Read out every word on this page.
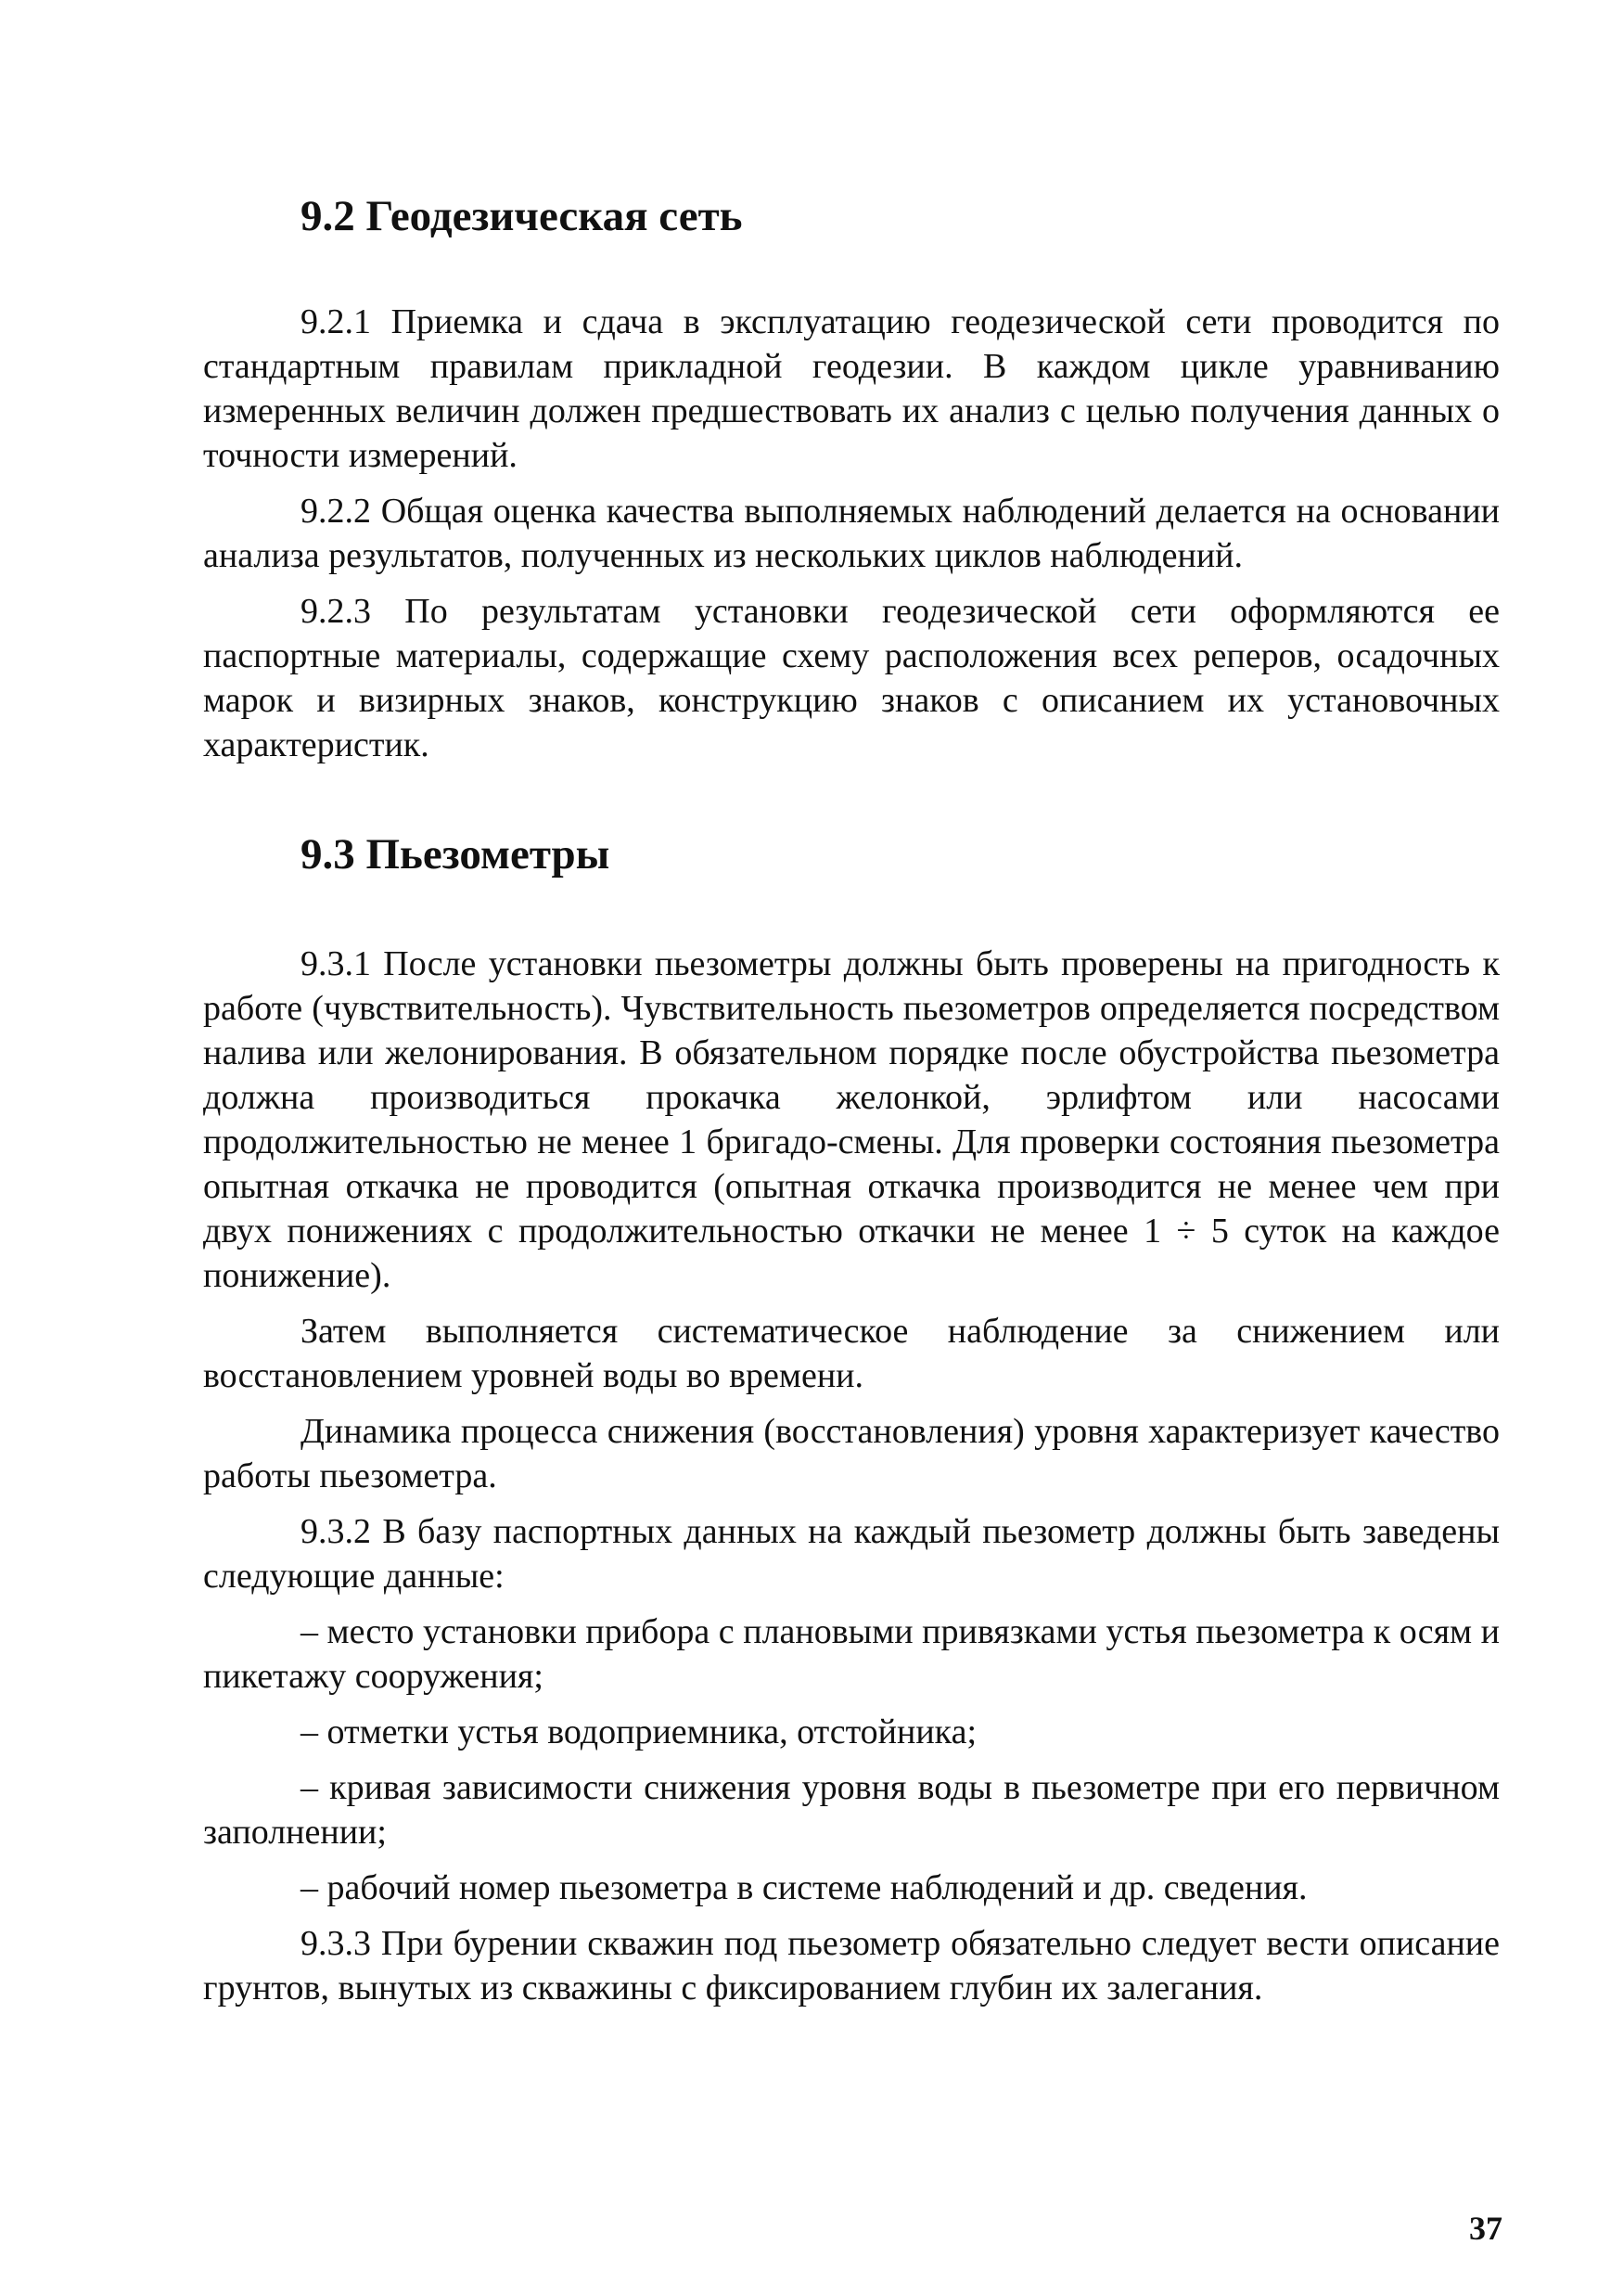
9.2 Геодезическая сеть

9.2.1 Приемка и сдача в эксплуатацию геодезической сети проводится по стандартным правилам прикладной геодезии. В каждом цикле уравниванию измеренных величин должен предшествовать их анализ с целью получения данных о точности измерений.

9.2.2 Общая оценка качества выполняемых наблюдений делается на основании анализа результатов, полученных из нескольких циклов наблюдений.

9.2.3 По результатам установки геодезической сети оформляются ее паспортные материалы, содержащие схему расположения всех реперов, осадочных марок и визирных знаков, конструкцию знаков с описанием их установочных характеристик.

9.3 Пьезометры

9.3.1 После установки пьезометры должны быть проверены на пригодность к работе (чувствительность). Чувствительность пьезометров определяется посредством налива или желонирования. В обязательном порядке после обустройства пьезометра должна производиться прокачка желонкой, эрлифтом или насосами продолжительностью не менее 1 бригадо-смены. Для проверки состояния пьезометра опытная откачка не проводится (опытная откачка производится не менее чем при двух понижениях с продолжительностью откачки не менее 1 ÷ 5 суток на каждое понижение).

Затем выполняется систематическое наблюдение за снижением или восстановлением уровней воды во времени.

Динамика процесса снижения (восстановления) уровня характеризует качество работы пьезометра.

9.3.2 В базу паспортных данных на каждый пьезометр должны быть заведены следующие данные:

– место установки прибора с плановыми привязками устья пьезометра к осям и пикетажу сооружения;

– отметки устья водоприемника, отстойника;

– кривая зависимости снижения уровня воды в пьезометре при его первичном заполнении;

– рабочий номер пьезометра в системе наблюдений и др. сведения.

9.3.3 При бурении скважин под пьезометр обязательно следует вести описание грунтов, вынутых из скважины с фиксированием глубин их залегания.

37
